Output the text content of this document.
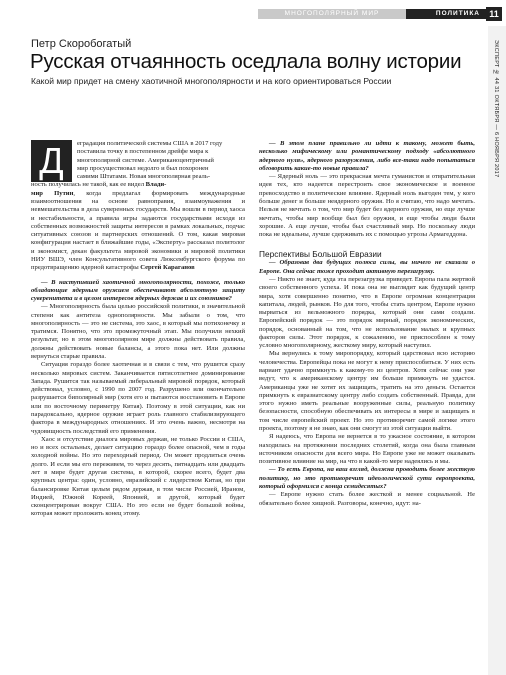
МНОГОПОЛЯРНЫЙ МИР	ПОЛИТИКА	11
ЭКСПЕРТ № 44 31 ОКТЯБРЯ — 6 НОЯБРЯ 2017
Петр Скоробогатый
Русская отчаянность оседлала волну истории
Какой мир придет на смену хаотичной многополярности и на кого ориентироваться России
Д	еградация политической системы США в 2017 году

поставила точку в постепенном дрейфе мира к

многополярной системе. Американоцентричный

мир просуществовал недолго и был похоронен

самими Штатами. Новая многополярная реаль-

ность получилась не такой, как ее видел Влади-
мир Путин, когда предлагал формировать международные взаимоотношения на основе равноправия, взаимоуважения и невмешательства в дела суверенных государств. Мы вошли в период хаоса и нестабильности, а правила игры задаются государствами исходя из собственных возможностей защиты интересов в рамках локальных, подчас ситуативных союзов и партнерских отношений. О том, какая мировая конфигурация настает в ближайшие годы, «Эксперту» рассказал политолог и экономист, декан факультета мировой экономики и мировой политики НИУ ВШЭ, член Консультативного совета Люксембургского форума по предотвращению ядерной катастрофы Сергей Караганов

— В наступившей хаотичной многополярности, похоже, только обладающие ядерным оружием обеспечивают абсолютную защиту суверенитета и в целом интересов ядерных держав и их союзников?

— Многополярность была целью российской политики, в значительной степени как антитеза однополярности. Мы забыли о том, что многополярность — это не система, это хаос, в который мы потихонечку и тратимся. Понятно, что это промежуточный этап. Мы получили нехкий результат, но в этом многополярном мире должны действовать правила, должны действовать новые балансы, а этого пока нет. Или должны вернуться старые правила.

Ситуация гораздо более хаотичная и в связи с тем, что рушится сразу несколько мировых систем. Заканчивается пятисотлетнее доминирование Запада. Рушится так называемый либеральный мировой порядок, который действовал, условно, с 1990 по 2007 год. Разрушено или окончательно разрушается биполярный мир (хотя его и пытаются восстановить в Европе или по восточному периметру Китая). Поэтому в этой ситуации, как ни парадоксально, ядерное оружие играет роль главного стабилизирующего фактора в международных отношениях. И это очень важно, несмотря на чудовищность последствий его применения.

Хаос и отсутствие диалога мировых держав, не только России и США, но и всех остальных, делает ситуацию гораздо более опасной, чем в годы холодной войны. Но это переходный период. Он может продлиться очень долго. И если мы его переживем, то через десять, пятнадцать или двадцать лет в мире будет другая система, в которой, скорее всего, будет два крупных центра: один, условно, евразийский с лидерством Китая, но при балансировке Китая целым рядом держав, в том числе Россией, Ираном, Индией, Южной Кореей, Японией, и другой, который будет сконцентрирован вокруг США. Но это если не будет большой войны, которая может проложить конец этому.

— В этом плане правильно ли идти к такому, может быть, несколько мифическому или романтическому подходу «абсолютного ядерного нуля», ядерного разоружения, либо все-таки надо попытаться обговорить какие-то новые правила?

— Ядерный ноль — это прекрасная мечта гуманистов и отвратительная идея тех, кто надеется перестроить свое экономическое и военное превосходство в политические влияние. Ядерный ноль выгоден тем, у кого больше денег и больше неядерного оружия. Но я считаю, что надо мечтать. Нельзя не мечтать о том, что мир будет без ядерного оружия, но еще лучше мечтать, чтобы мир вообще был без оружия, и еще чтобы люди были хорошие. А еще лучше, чтобы был счастливый мир. Но поскольку люди пока не идеальны, лучше сдерживать их с помощью угрозы Армагеддона.

Перспективы Большой Евразии

— Образовав два будущих полюса силы, вы ничего не сказали о Европе. Она сейчас тоже проходит активную перезагрузку.

— Никто не знает, куда эта перезагрузка приведет. Европа пала жертвой своего собственного успеха. И пока она не выглядит как будущий центр мира, хотя совершенно понятно, что в Европе огромная концентрация капитала, людей, рынков. Но для того, чтобы стать центром, Европе нужно вырваться из вельможного порядка, который они сами создали. Европейский порядок — это порядок мирный, порядок экономических, порядок, основанный на том, что не использование малых и крупных факторов силы. Этот порядок, к сожалению, не приспособлен к тому условно многополярному, жесткому миру, который наступил.

Мы вернулись к тому миропорядку, который царствовал всю историю человечества. Европейцы пока не могут к нему приспособиться. У них есть вариант удачно примкнуть к какому-то из центров. Хотя сейчас они уже ведут, что к американскому центру им больше примкнуть не удастся. Американцы уже не хотят их защищать, тратить на это деньги. Остается примкнуть к евразиатскому центру либо создать собственный. Правда, для этого нужно иметь реальные вооруженные силы, реальную политику безопасности, способную обеспечивать их интересы в мире и защищать в том числе европейский проект. Но это противоречит самой логике этого проекта, поэтому я не знаю, как они смогут из этой ситуации выйти.

Я надеюсь, что Европа не вернется в то ужасное состояние, в котором находилась на протяжении последних столетий, когда она была главным источником опасности для всего мира. Но Европе уже не может оказывать позитивное влияние на мир, на что в какой-то мере надеялись и мы.

— То есть Европа, на ваш взгляд, должна проводить более жесткую политику, но это противоречит идеологической сути европроекта, который оформился с конца семидесятых?

— Европе нужно стать более жесткой и менее социальной. Не обязательно более хищной. Разговоры, конечно, идут: на-
